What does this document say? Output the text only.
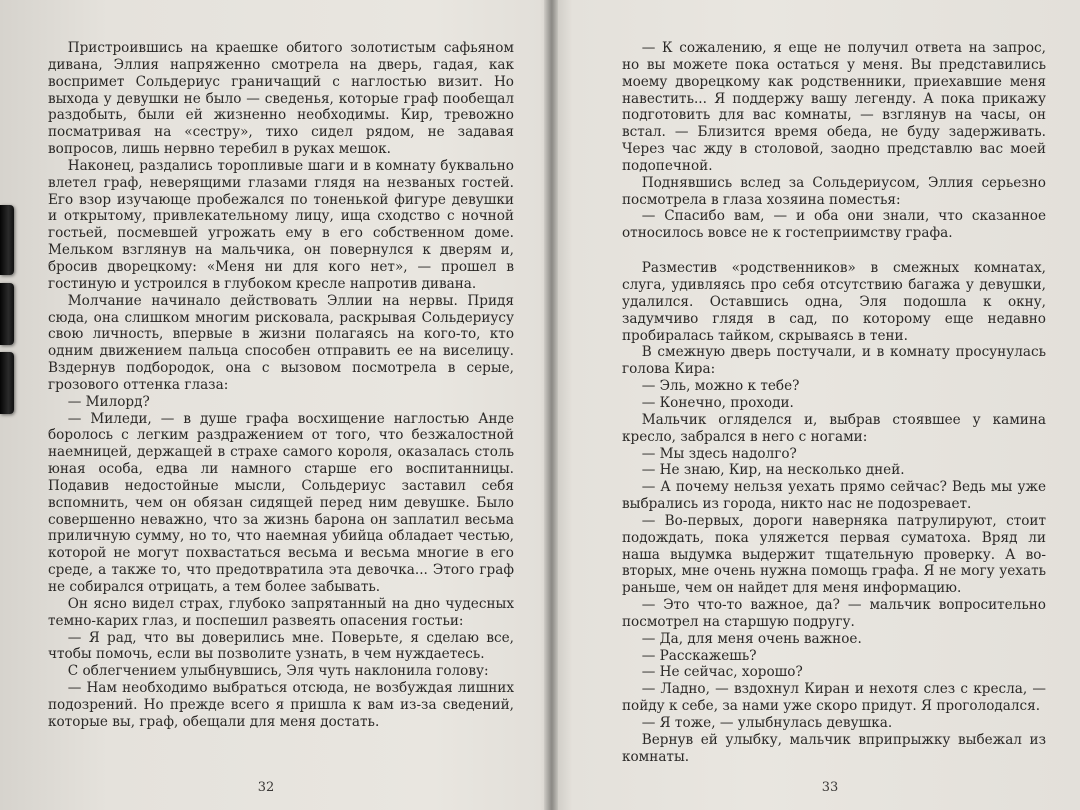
Пристроившись на краешке обитого золотистым сафьяном дивана, Эллия напряженно смотрела на дверь, гадая, как воспримет Сольдериус граничащий с наглостью визит. Но выхода у девушки не было — сведенья, которые граф пообещал раздобыть, были ей жизненно необходимы. Кир, тревожно посматривая на «сестру», тихо сидел рядом, не задавая вопросов, лишь нервно теребил в руках мешок.

Наконец, раздались торопливые шаги и в комнату буквально влетел граф, неверящими глазами глядя на незваных гостей. Его взор изучающе пробежался по тоненькой фигуре девушки и открытому, привлекательному лицу, ища сходство с ночной гостьей, посмевшей угрожать ему в его собственном доме. Мельком взглянув на мальчика, он повернулся к дверям и, бросив дворецкому: «Меня ни для кого нет», — прошел в гостиную и устроился в глубоком кресле напротив дивана.

Молчание начинало действовать Эллии на нервы. Придя сюда, она слишком многим рисковала, раскрывая Сольдериусу свою личность, впервые в жизни полагаясь на кого-то, кто одним движением пальца способен отправить ее на виселицу. Вздернув подбородок, она с вызовом посмотрела в серые, грозового оттенка глаза:

— Милорд?

— Миледи, — в душе графа восхищение наглостью Анде боролось с легким раздражением от того, что безжалостной наемницей, держащей в страхе самого короля, оказалась столь юная особа, едва ли намного старше его воспитанницы. Подавив недостойные мысли, Сольдериус заставил себя вспомнить, чем он обязан сидящей перед ним девушке. Было совершенно неважно, что за жизнь барона он заплатил весьма приличную сумму, но то, что наемная убийца обладает честью, которой не могут похвастаться весьма и весьма многие в его среде, а также то, что предотвратила эта девочка... Этого граф не собирался отрицать, а тем более забывать.

Он ясно видел страх, глубоко запрятанный на дно чудесных темно-карих глаз, и поспешил развеять опасения гостьи:

— Я рад, что вы доверились мне. Поверьте, я сделаю все, чтобы помочь, если вы позволите узнать, в чем нуждаетесь.

С облегчением улыбнувшись, Эля чуть наклонила голову:

— Нам необходимо выбраться отсюда, не возбуждая лишних подозрений. Но прежде всего я пришла к вам из-за сведений, которые вы, граф, обещали для меня достать.

32

— К сожалению, я еще не получил ответа на запрос, но вы можете пока остаться у меня. Вы представились моему дворецкому как родственники, приехавшие меня навестить... Я поддержу вашу легенду. А пока прикажу подготовить для вас комнаты, — взглянув на часы, он встал. — Близится время обеда, не буду задерживать. Через час жду в столовой, заодно представлю вас моей подопечной.

Поднявшись вслед за Сольдериусом, Эллия серьезно посмотрела в глаза хозяина поместья:

— Спасибо вам, — и оба они знали, что сказанное относилось вовсе не к гостеприимству графа.

Разместив «родственников» в смежных комнатах, слуга, удивляясь про себя отсутствию багажа у девушки, удалился. Оставшись одна, Эля подошла к окну, задумчиво глядя в сад, по которому еще недавно пробиралась тайком, скрываясь в тени.

В смежную дверь постучали, и в комнату просунулась голова Кира:

— Эль, можно к тебе?

— Конечно, проходи.

Мальчик огляделся и, выбрав стоявшее у камина кресло, забрался в него с ногами:

— Мы здесь надолго?

— Не знаю, Кир, на несколько дней.

— А почему нельзя уехать прямо сейчас? Ведь мы уже выбрались из города, никто нас не подозревает.

— Во-первых, дороги наверняка патрулируют, стоит подождать, пока уляжется первая суматоха. Вряд ли наша выдумка выдержит тщательную проверку. А во-вторых, мне очень нужна помощь графа. Я не могу уехать раньше, чем он найдет для меня информацию.

— Это что-то важное, да? — мальчик вопросительно посмотрел на старшую подругу.

— Да, для меня очень важное.

— Расскажешь?

— Не сейчас, хорошо?

— Ладно, — вздохнул Киран и нехотя слез с кресла, — пойду к себе, за нами уже скоро придут. Я проголодался.

— Я тоже, — улыбнулась девушка.

Вернув ей улыбку, мальчик вприпрыжку выбежал из комнаты.

33
